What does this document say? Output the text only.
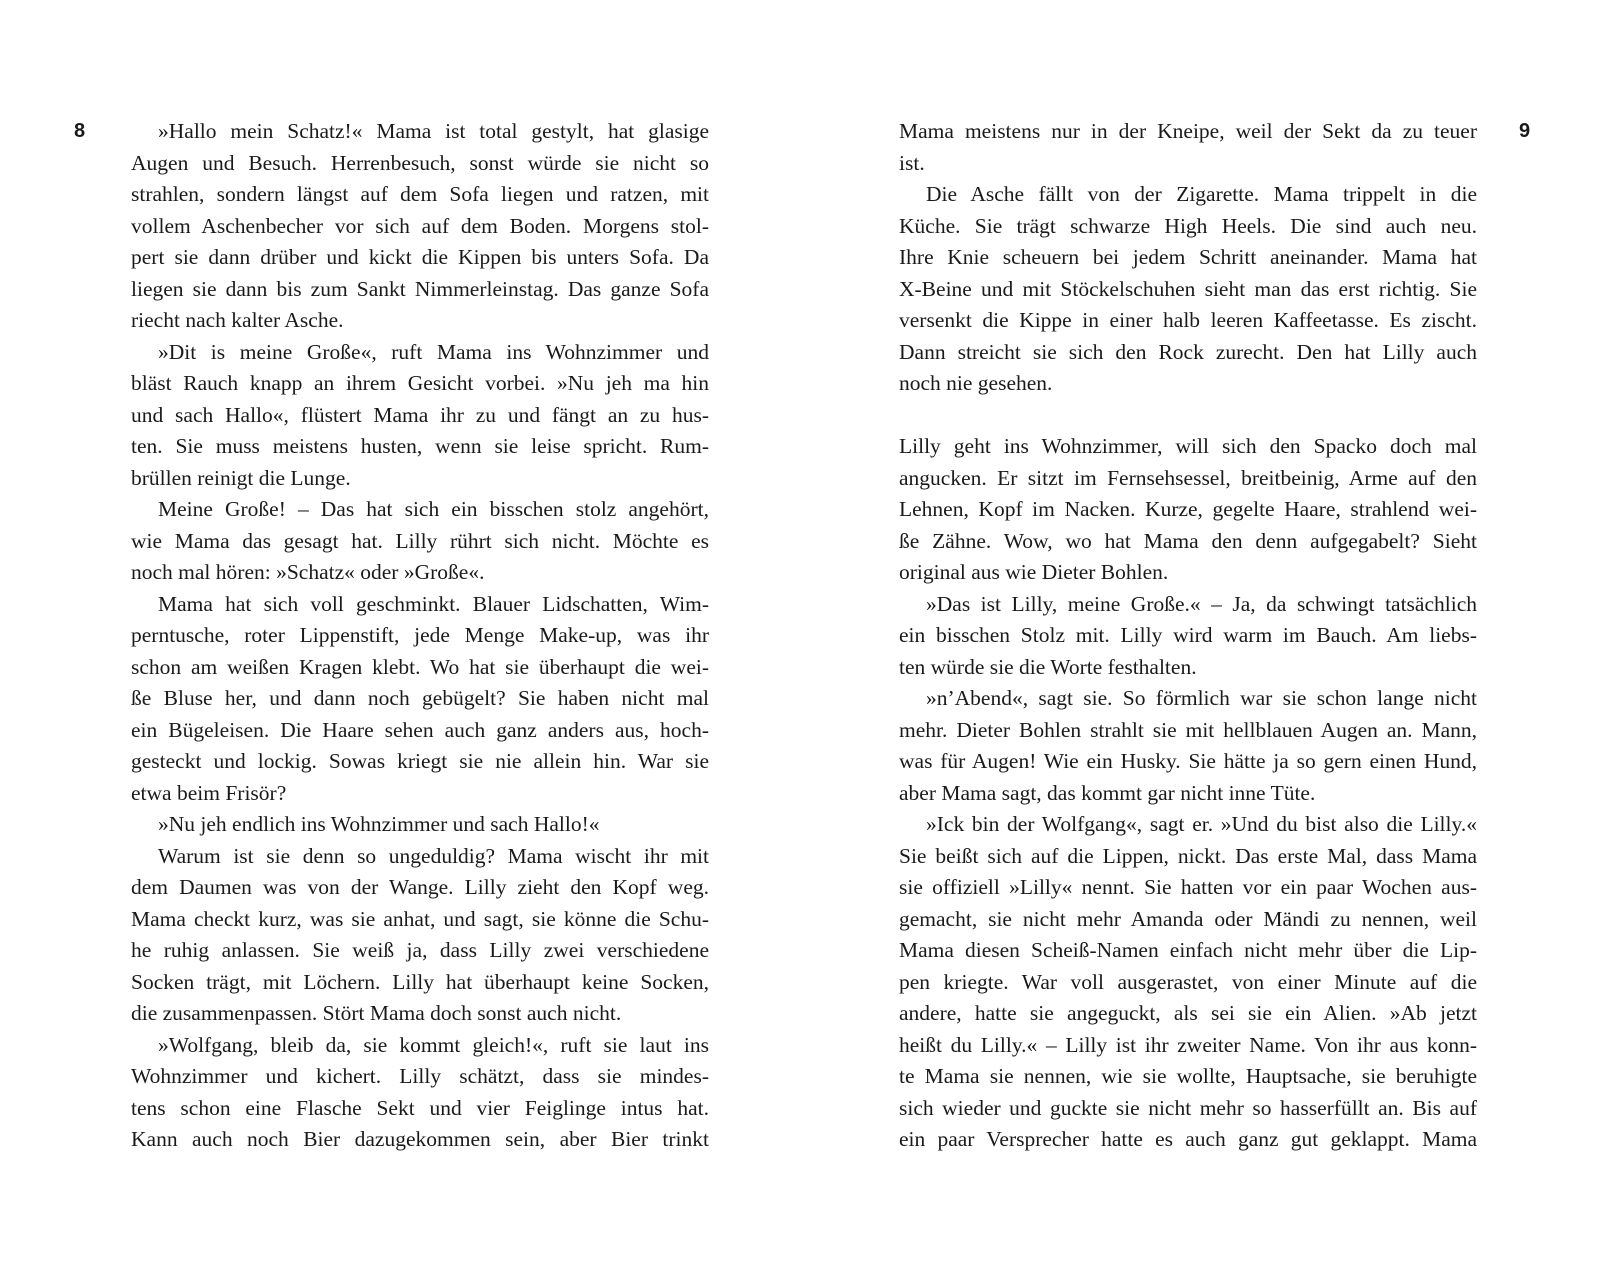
8	9
»Hallo mein Schatz!« Mama ist total gestylt, hat glasige
Augen und Besuch. Herrenbesuch, sonst würde sie nicht so
strahlen, sondern längst auf dem Sofa liegen und ratzen, mit
vollem Aschenbecher vor sich auf dem Boden. Morgens stol-
pert sie dann drüber und kickt die Kippen bis unters Sofa. Da
liegen sie dann bis zum Sankt Nimmerleinstag. Das ganze Sofa
riecht nach kalter Asche.
»Dit is meine Große«, ruft Mama ins Wohnzimmer und
bläst Rauch knapp an ihrem Gesicht vorbei. »Nu jeh ma hin
und sach Hallo«, flüstert Mama ihr zu und fängt an zu hus-
ten. Sie muss meistens husten, wenn sie leise spricht. Rum-
brüllen reinigt die Lunge.
Meine Große! – Das hat sich ein bisschen stolz angehört,
wie Mama das gesagt hat. Lilly rührt sich nicht. Möchte es
noch mal hören: »Schatz« oder »Große«.
Mama hat sich voll geschminkt. Blauer Lidschatten, Wim-
perntusche, roter Lippenstift, jede Menge Make-up, was ihr
schon am weißen Kragen klebt. Wo hat sie überhaupt die wei-
ße Bluse her, und dann noch gebügelt? Sie haben nicht mal
ein Bügeleisen. Die Haare sehen auch ganz anders aus, hoch-
gesteckt und lockig. Sowas kriegt sie nie allein hin. War sie
etwa beim Frisör?
»Nu jeh endlich ins Wohnzimmer und sach Hallo!«
Warum ist sie denn so ungeduldig? Mama wischt ihr mit
dem Daumen was von der Wange. Lilly zieht den Kopf weg.
Mama checkt kurz, was sie anhat, und sagt, sie könne die Schu-
he ruhig anlassen. Sie weiß ja, dass Lilly zwei verschiedene
Socken trägt, mit Löchern. Lilly hat überhaupt keine Socken,
die zusammenpassen. Stört Mama doch sonst auch nicht.
»Wolfgang, bleib da, sie kommt gleich!«, ruft sie laut ins
Wohnzimmer und kichert. Lilly schätzt, dass sie mindes-
tens schon eine Flasche Sekt und vier Feiglinge intus hat.
Kann auch noch Bier dazugekommen sein, aber Bier trinkt
Mama meistens nur in der Kneipe, weil der Sekt da zu teuer
ist.
Die Asche fällt von der Zigarette. Mama trippelt in die
Küche. Sie trägt schwarze High Heels. Die sind auch neu.
Ihre Knie scheuern bei jedem Schritt aneinander. Mama hat
X-Beine und mit Stöckelschuhen sieht man das erst richtig. Sie
versenkt die Kippe in einer halb leeren Kaffeetasse. Es zischt.
Dann streicht sie sich den Rock zurecht. Den hat Lilly auch
noch nie gesehen.
Lilly geht ins Wohnzimmer, will sich den Spacko doch mal
angucken. Er sitzt im Fernsehsessel, breitbeinig, Arme auf den
Lehnen, Kopf im Nacken. Kurze, gegelte Haare, strahlend wei-
ße Zähne. Wow, wo hat Mama den denn aufgegabelt? Sieht
original aus wie Dieter Bohlen.
»Das ist Lilly, meine Große.« – Ja, da schwingt tatsächlich
ein bisschen Stolz mit. Lilly wird warm im Bauch. Am liebs-
ten würde sie die Worte festhalten.
»n’Abend«, sagt sie. So förmlich war sie schon lange nicht
mehr. Dieter Bohlen strahlt sie mit hellblauen Augen an. Mann,
was für Augen! Wie ein Husky. Sie hätte ja so gern einen Hund,
aber Mama sagt, das kommt gar nicht inne Tüte.
»Ick bin der Wolfgang«, sagt er. »Und du bist also die Lilly.«
Sie beißt sich auf die Lippen, nickt. Das erste Mal, dass Mama
sie offiziell »Lilly« nennt. Sie hatten vor ein paar Wochen aus-
gemacht, sie nicht mehr Amanda oder Mändi zu nennen, weil
Mama diesen Scheiß-Namen einfach nicht mehr über die Lip-
pen kriegte. War voll ausgerastet, von einer Minute auf die
andere, hatte sie angeguckt, als sei sie ein Alien. »Ab jetzt
heißt du Lilly.« – Lilly ist ihr zweiter Name. Von ihr aus konn-
te Mama sie nennen, wie sie wollte, Hauptsache, sie beruhigte
sich wieder und guckte sie nicht mehr so hasserfüllt an. Bis auf
ein paar Versprecher hatte es auch ganz gut geklappt. Mama
